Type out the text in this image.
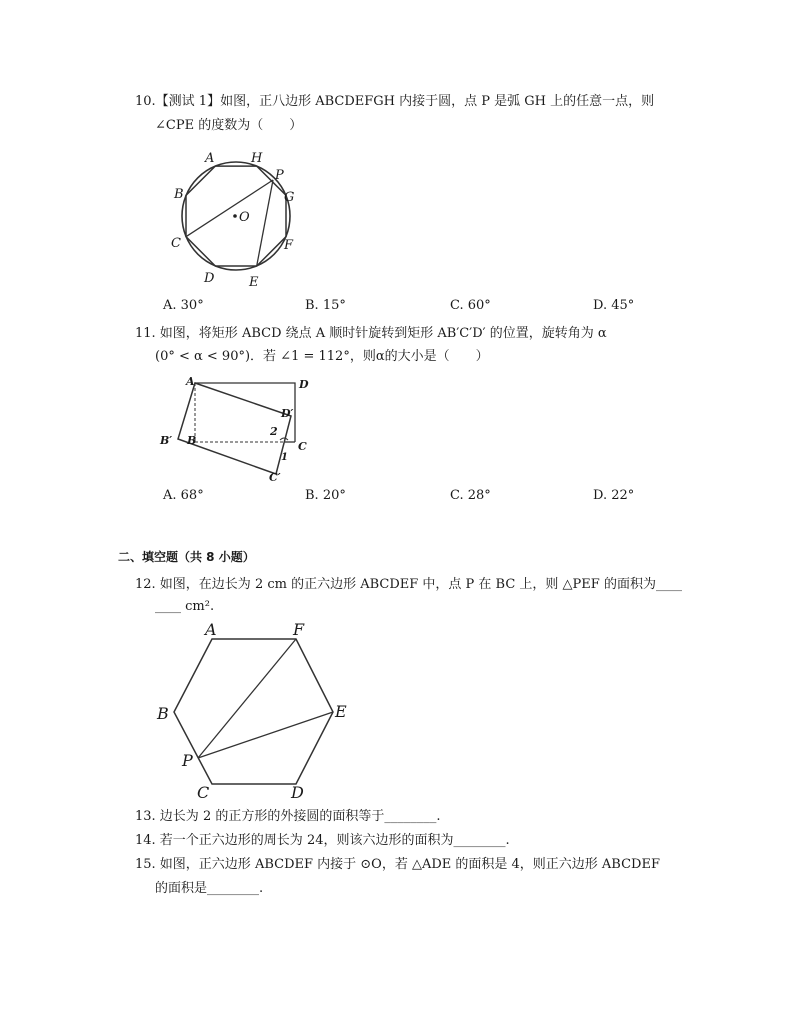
10.【测试 1】如图，正八边形 ABCDEFGH 内接于圆，点 P 是弧 GH 上的任意一点，则
∠CPE 的度数为（　　）
A	H
P
B	G
O
C	F
D	E
A. 30°	B. 15°	C. 60°	D. 45°
11. 如图，将矩形 ABCD 绕点 A 顺时针旋转到矩形 AB′C′D′ 的位置，旋转角为 α
(0° < α < 90°)．若 ∠1 = 112°，则α的大小是（　　）
A	D
D′
B′ B
2
C
1
C′
A. 68°	B. 20°	C. 28°	D. 22°
二、填空题（共 8 小题）
12. 如图，在边长为 2 cm 的正六边形 ABCDEF 中，点 P 在 BC 上，则 △PEF 的面积为____
____ cm².
A	F
B	E
P
C	D
13. 边长为 2 的正方形的外接圆的面积等于________.
14. 若一个正六边形的周长为 24，则该六边形的面积为________.
15. 如图，正六边形 ABCDEF 内接于 ⊙O，若 △ADE 的面积是 4，则正六边形 ABCDEF
的面积是________.
